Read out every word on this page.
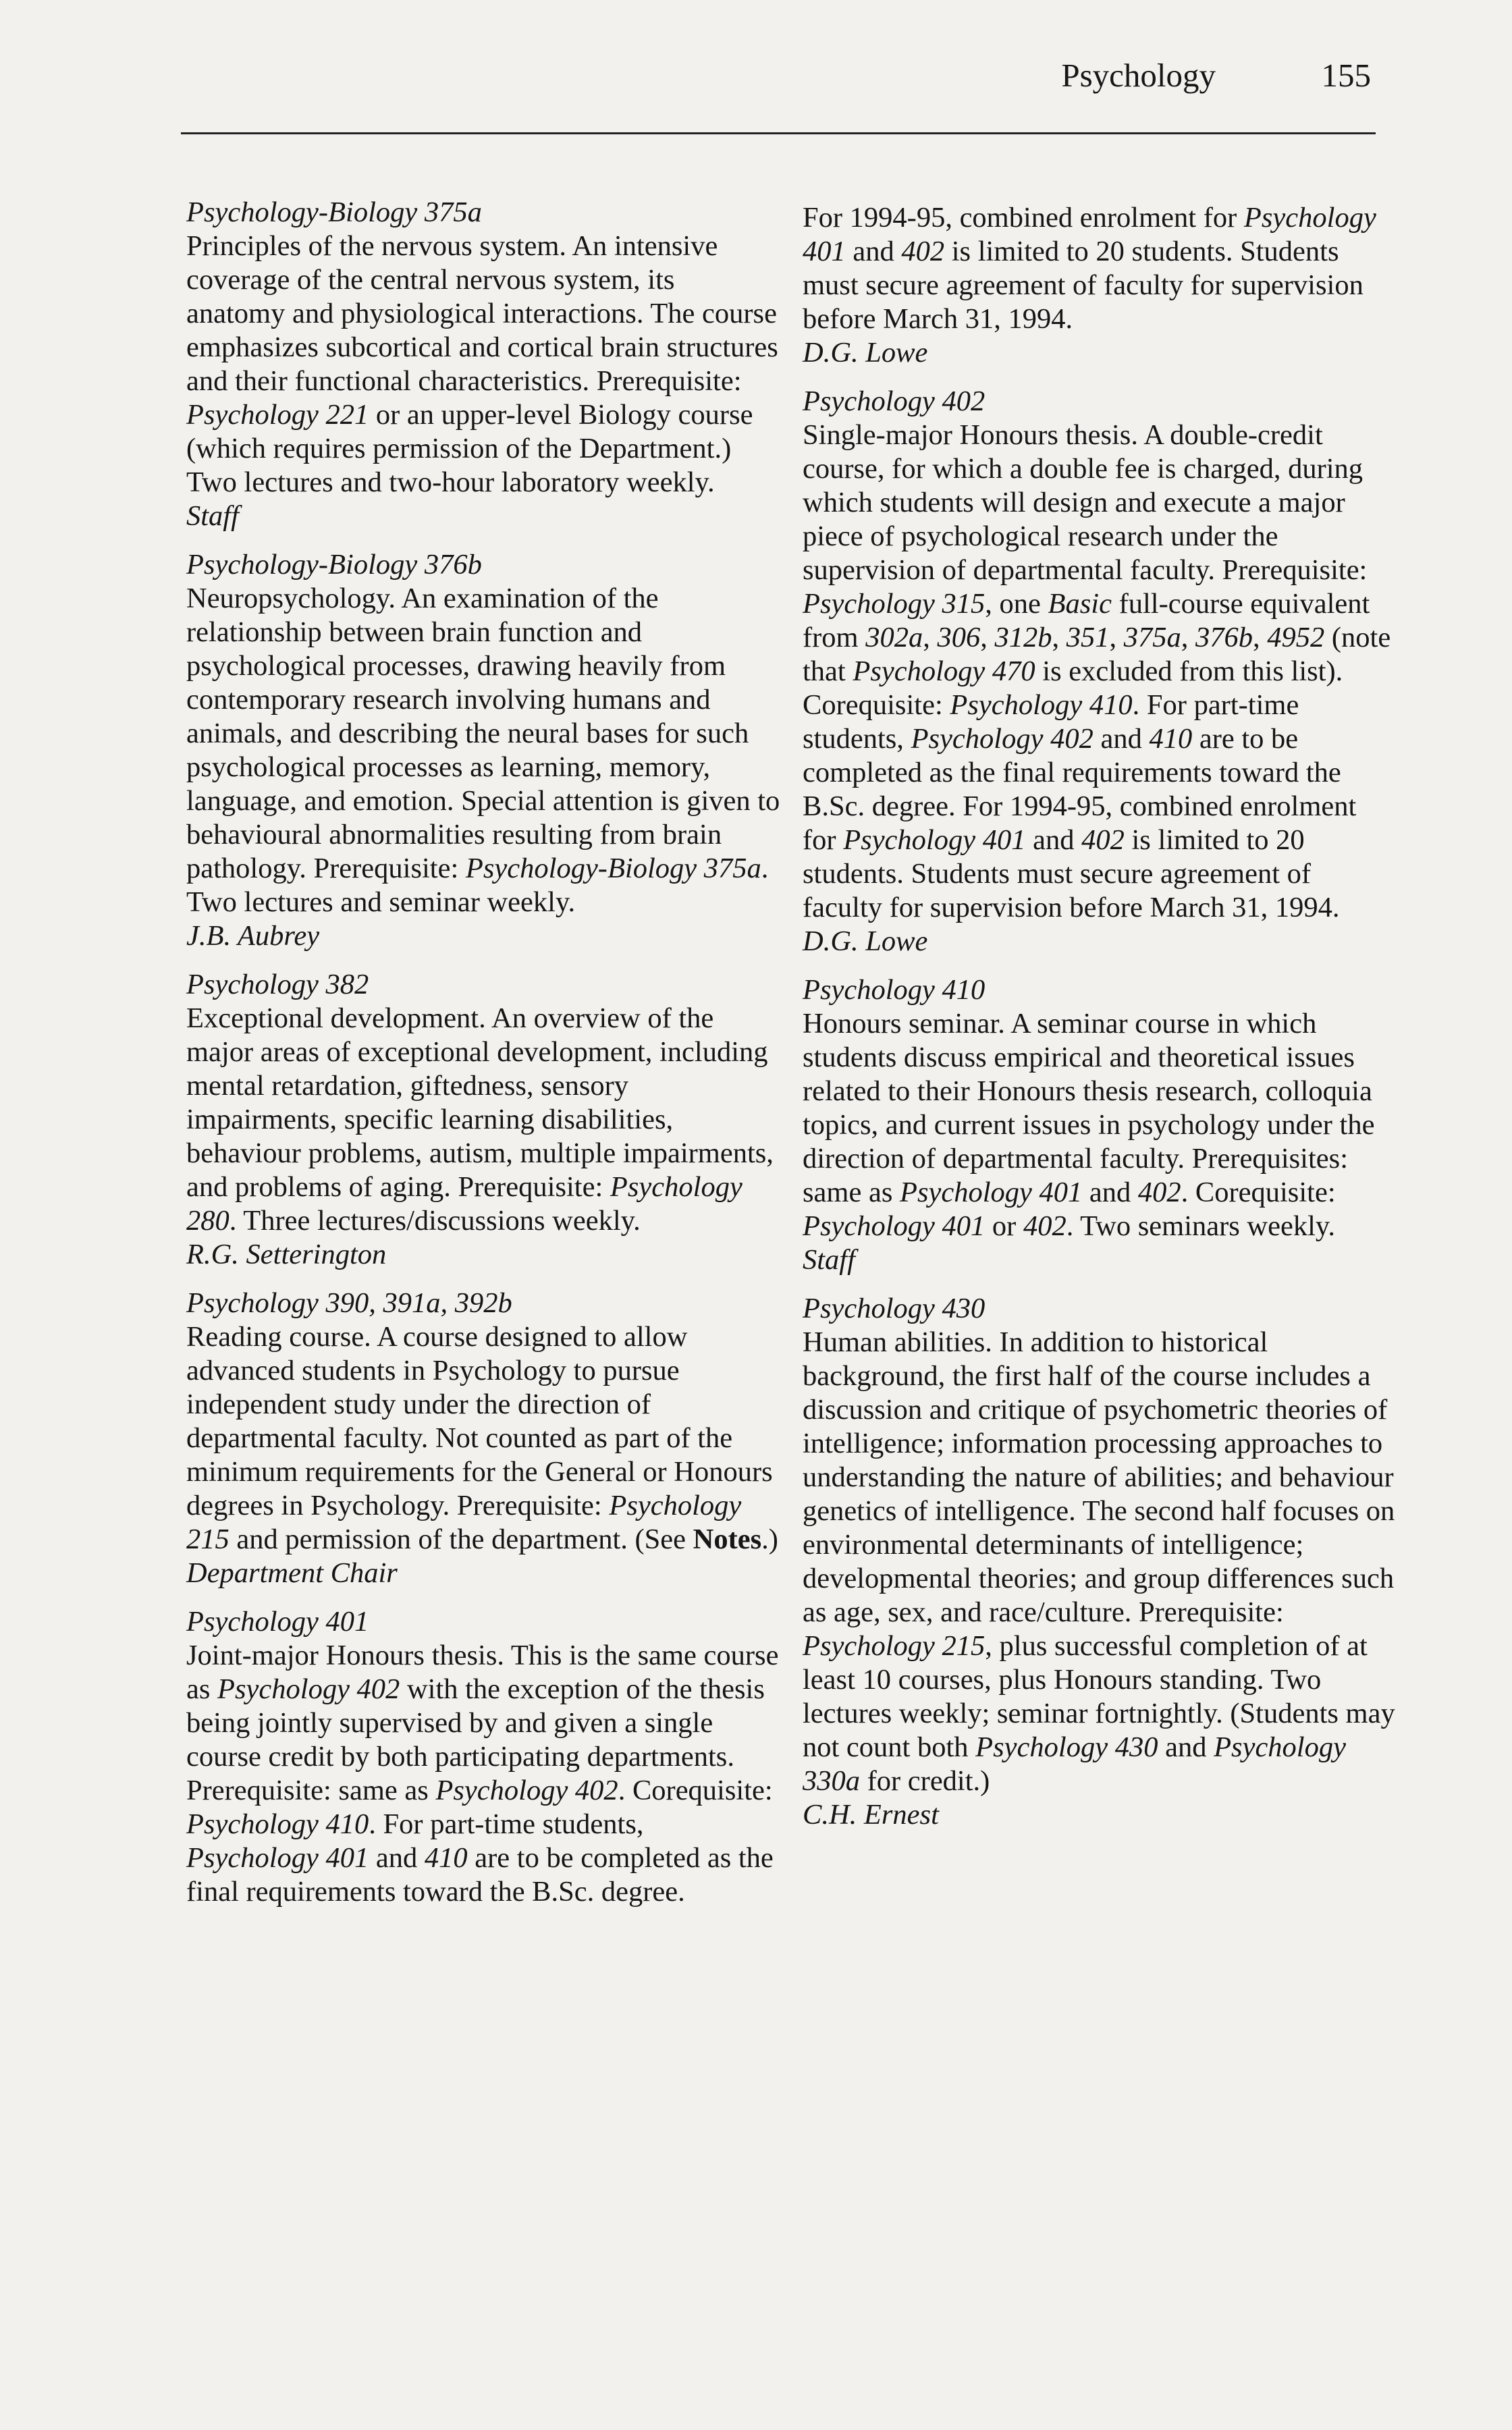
Psychology	155
Psychology-Biology 375a
Principles of the nervous system. An intensive coverage of the central nervous system, its anatomy and physiological interactions. The course emphasizes subcortical and cortical brain structures and their functional characteristics. Prerequisite: Psychology 221 or an upper-level Biology course (which requires permission of the Department.) Two lectures and two-hour laboratory weekly.
Staff
Psychology-Biology 376b
Neuropsychology. An examination of the relationship between brain function and psychological processes, drawing heavily from contemporary research involving humans and animals, and describing the neural bases for such psychological processes as learning, memory, language, and emotion. Special attention is given to behavioural abnormalities resulting from brain pathology. Prerequisite: Psychology-Biology 375a. Two lectures and seminar weekly.
J.B. Aubrey
Psychology 382
Exceptional development. An overview of the major areas of exceptional development, including mental retardation, giftedness, sensory impairments, specific learning disabilities, behaviour problems, autism, multiple impairments, and problems of aging. Prerequisite: Psychology 280. Three lectures/discussions weekly.
R.G. Setterington
Psychology 390, 391a, 392b
Reading course. A course designed to allow advanced students in Psychology to pursue independent study under the direction of departmental faculty. Not counted as part of the minimum requirements for the General or Honours degrees in Psychology. Prerequisite: Psychology 215 and permission of the department. (See Notes.)
Department Chair
Psychology 401
Joint-major Honours thesis. This is the same course as Psychology 402 with the exception of the thesis being jointly supervised by and given a single course credit by both participating departments. Prerequisite: same as Psychology 402. Corequisite: Psychology 410. For part-time students, Psychology 401 and 410 are to be completed as the final requirements toward the B.Sc. degree.
For 1994-95, combined enrolment for Psychology 401 and 402 is limited to 20 students. Students must secure agreement of faculty for supervision before March 31, 1994.
D.G. Lowe
Psychology 402
Single-major Honours thesis. A double-credit course, for which a double fee is charged, during which students will design and execute a major piece of psychological research under the supervision of departmental faculty. Prerequisite: Psychology 315, one Basic full-course equivalent from 302a, 306, 312b, 351, 375a, 376b, 4952 (note that Psychology 470 is excluded from this list). Corequisite: Psychology 410. For part-time students, Psychology 402 and 410 are to be completed as the final requirements toward the B.Sc. degree. For 1994-95, combined enrolment for Psychology 401 and 402 is limited to 20 students. Students must secure agreement of faculty for supervision before March 31, 1994.
D.G. Lowe
Psychology 410
Honours seminar. A seminar course in which students discuss empirical and theoretical issues related to their Honours thesis research, colloquia topics, and current issues in psychology under the direction of departmental faculty. Prerequisites: same as Psychology 401 and 402. Corequisite: Psychology 401 or 402. Two seminars weekly.
Staff
Psychology 430
Human abilities. In addition to historical background, the first half of the course includes a discussion and critique of psychometric theories of intelligence; information processing approaches to understanding the nature of abilities; and behaviour genetics of intelligence. The second half focuses on environmental determinants of intelligence; developmental theories; and group differences such as age, sex, and race/culture. Prerequisite: Psychology 215, plus successful completion of at least 10 courses, plus Honours standing. Two lectures weekly; seminar fortnightly. (Students may not count both Psychology 430 and Psychology 330a for credit.)
C.H. Ernest
